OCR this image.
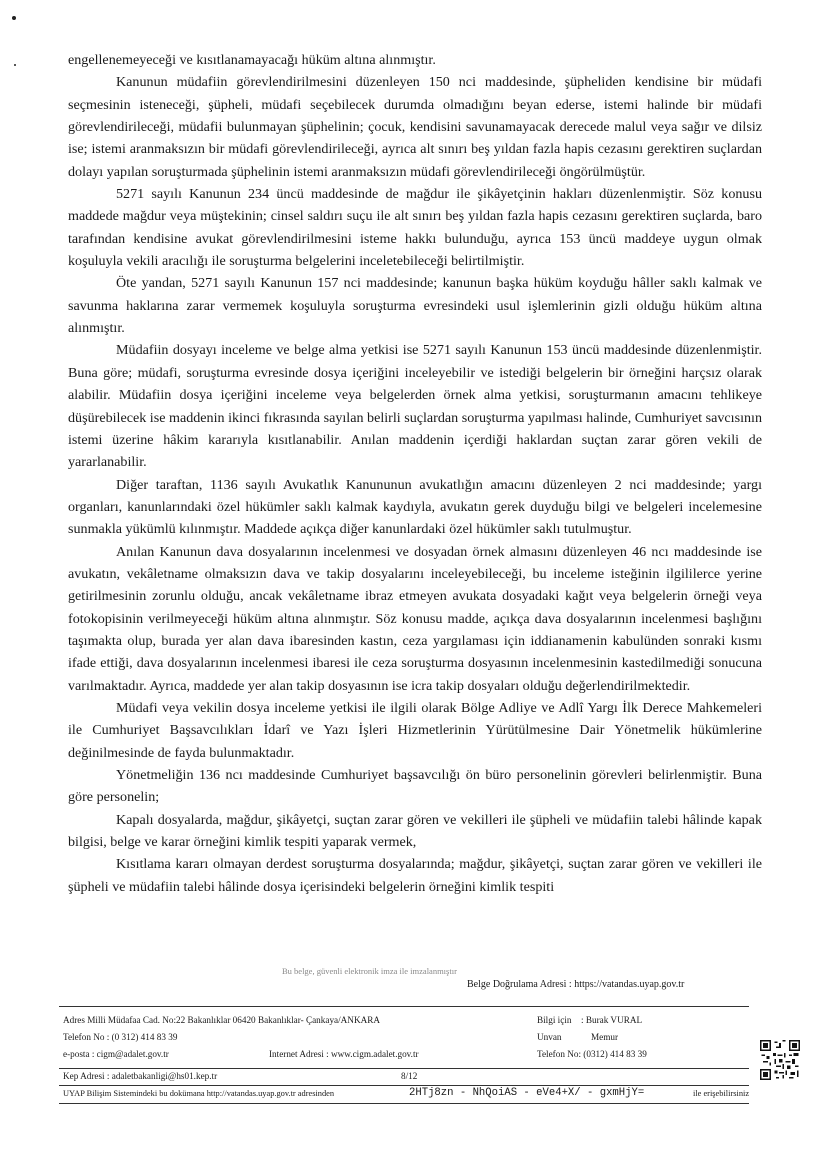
engellenemeyeceği ve kısıtlanamayacağı hüküm altına alınmıştır.

Kanunun müdafiin görevlendirilmesini düzenleyen 150 nci maddesinde, şüpheliden kendisine bir müdafi seçmesinin isteneceği, şüpheli, müdafi seçebilecek durumda olmadığını beyan ederse, istemi halinde bir müdafi görevlendirileceği, müdafii bulunmayan şüphelinin; çocuk, kendisini savunamayacak derecede malul veya sağır ve dilsiz ise; istemi aranmaksızın bir müdafi görevlendirileceği, ayrıca alt sınırı beş yıldan fazla hapis cezasını gerektiren suçlardan dolayı yapılan soruşturmada şüphelinin istemi aranmaksızın müdafi görevlendirileceği öngörülmüştür.

5271 sayılı Kanunun 234 üncü maddesinde de mağdur ile şikâyetçinin hakları düzenlenmiştir. Söz konusu maddede mağdur veya müştekinin; cinsel saldırı suçu ile alt sınırı beş yıldan fazla hapis cezasını gerektiren suçlarda, baro tarafından kendisine avukat görevlendirilmesini isteme hakkı bulunduğu, ayrıca 153 üncü maddeye uygun olmak koşuluyla vekili aracılığı ile soruşturma belgelerini inceletebileceği belirtilmiştir.

Öte yandan, 5271 sayılı Kanunun 157 nci maddesinde; kanunun başka hüküm koyduğu hâller saklı kalmak ve savunma haklarına zarar vermemek koşuluyla soruşturma evresindeki usul işlemlerinin gizli olduğu hüküm altına alınmıştır.

Müdafiin dosyayı inceleme ve belge alma yetkisi ise 5271 sayılı Kanunun 153 üncü maddesinde düzenlenmiştir. Buna göre; müdafi, soruşturma evresinde dosya içeriğini inceleyebilir ve istediği belgelerin bir örneğini harçsız olarak alabilir. Müdafiin dosya içeriğini inceleme veya belgelerden örnek alma yetkisi, soruşturmanın amacını tehlikeye düşürebilecek ise maddenin ikinci fıkrasında sayılan belirli suçlardan soruşturma yapılması halinde, Cumhuriyet savcısının istemi üzerine hâkim kararıyla kısıtlanabilir. Anılan maddenin içerdiği haklardan suçtan zarar gören vekili de yararlanabilir.

Diğer taraftan, 1136 sayılı Avukatlık Kanununun avukatlığın amacını düzenleyen 2 nci maddesinde; yargı organları, kanunlarındaki özel hükümler saklı kalmak kaydıyla, avukatın gerek duyduğu bilgi ve belgeleri incelemesine sunmakla yükümlü kılınmıştır. Maddede açıkça diğer kanunlardaki özel hükümler saklı tutulmuştur.

Anılan Kanunun dava dosyalarının incelenmesi ve dosyadan örnek almasını düzenleyen 46 ncı maddesinde ise avukatın, vekâletname olmaksızın dava ve takip dosyalarını inceleyebileceği, bu inceleme isteğinin ilgililerce yerine getirilmesinin zorunlu olduğu, ancak vekâletname ibraz etmeyen avukata dosyadaki kağıt veya belgelerin örneği veya fotokopisinin verilmeyeceği hüküm altına alınmıştır. Söz konusu madde, açıkça dava dosyalarının incelenmesi başlığını taşımakta olup, burada yer alan dava ibaresinden kastın, ceza yargılaması için iddianamenin kabulünden sonraki kısmı ifade ettiği, dava dosyalarının incelenmesi ibaresi ile ceza soruşturma dosyasının incelenmesinin kastedilmediği sonucuna varılmaktadır. Ayrıca, maddede yer alan takip dosyasının ise icra takip dosyaları olduğu değerlendirilmektedir.

Müdafi veya vekilin dosya inceleme yetkisi ile ilgili olarak Bölge Adliye ve Adlî Yargı İlk Derece Mahkemeleri ile Cumhuriyet Başsavcılıkları İdarî ve Yazı İşleri Hizmetlerinin Yürütülmesine Dair Yönetmelik hükümlerine değinilmesinde de fayda bulunmaktadır.

Yönetmeliğin 136 ncı maddesinde Cumhuriyet başsavcılığı ön büro personelinin görevleri belirlenmiştir. Buna göre personelin;

Kapalı dosyalarda, mağdur, şikâyetçi, suçtan zarar gören ve vekilleri ile şüpheli ve müdafiin talebi hâlinde kapak bilgisi, belge ve karar örneğini kimlik tespiti yaparak vermek,

Kısıtlama kararı olmayan derdest soruşturma dosyalarında; mağdur, şikâyetçi, suçtan zarar gören ve vekilleri ile şüpheli ve müdafiin talebi hâlinde dosya içerisindeki belgelerin örneğini kimlik tespiti

Bu belge, güvenli elektronik imza ile imzalanmıştır
Belge Doğrulama Adresi : https://vatandas.uyap.gov.tr
Adres Milli Müdafaa Cad. No:22 Bakanlıklar 06420 Bakanlıklar- Çankaya/ANKARA
Telefon No : (0 312) 414 83 39
e-posta : cigm@adalet.gov.tr	Internet Adresi : www.cigm.adalet.gov.tr
Bilgi için : Burak VURAL
Unvan	Memur
Telefon No: (0312) 414 83 39
Kep Adresi : adaletbakanligi@hs01.kep.tr	8/12
UYAP Bilişim Sistemindeki bu dokümana http://vatandas.uyap.gov.tr adresinden	2HTj8zn - NhQoiAS - eVe4+X/ - gxmHjY=	ile erişebilirsiniz
